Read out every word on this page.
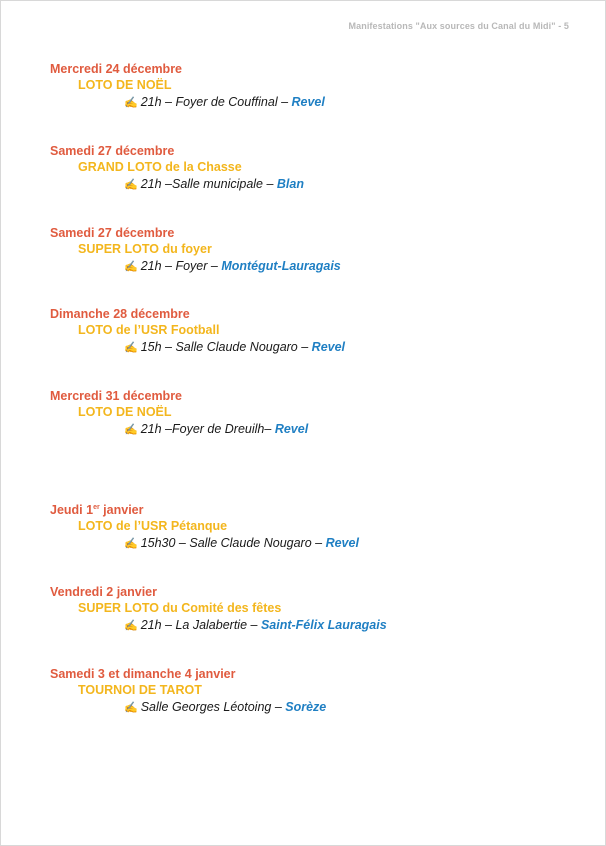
Manifestations "Aux sources du Canal du Midi" - 5
Mercredi 24 décembre
LOTO DE NOËL
✍ 21h – Foyer de Couffinal – Revel
Samedi 27 décembre
GRAND LOTO de la Chasse
✍ 21h –Salle municipale – Blan
Samedi 27 décembre
SUPER LOTO du foyer
✍ 21h – Foyer – Montégut-Lauragais
Dimanche 28 décembre
LOTO de l’USR Football
✍ 15h – Salle Claude Nougaro – Revel
Mercredi 31 décembre
LOTO DE NOËL
✍ 21h –Foyer de Dreuilh– Revel
Jeudi 1er janvier
LOTO de l’USR Pétanque
✍ 15h30 – Salle Claude Nougaro – Revel
Vendredi 2 janvier
SUPER LOTO du Comité des fêtes
✍ 21h – La Jalabertie – Saint-Félix Lauragais
Samedi 3 et dimanche 4 janvier
TOURNOI DE TAROT
✍ Salle Georges Léotoing – Sorèze
